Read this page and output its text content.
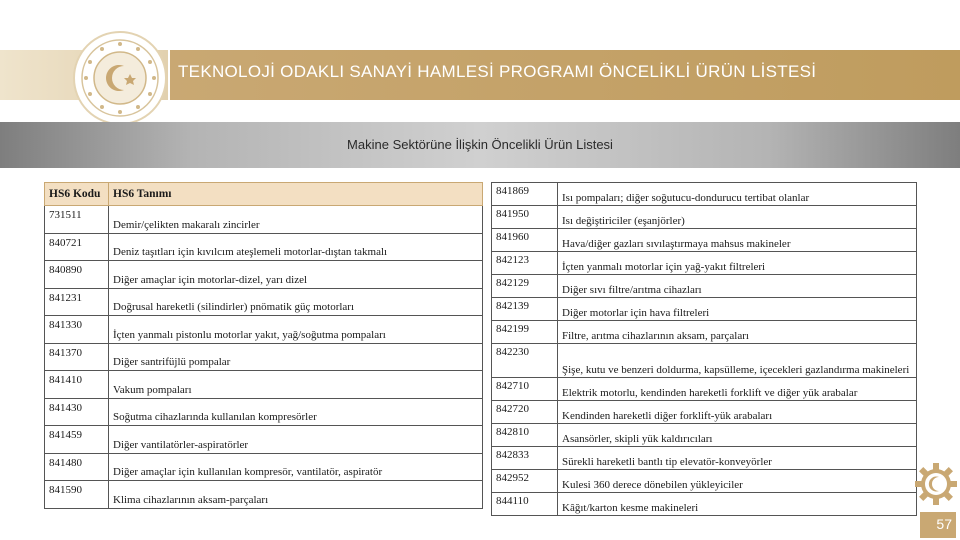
TEKNOLOJİ ODAKLI SANAYİ HAMLESİ PROGRAMI ÖNCELİKLİ ÜRÜN LİSTESİ
Makine Sektörüne İlişkin Öncelikli Ürün Listesi
HS6 Kodu	HS6 Tanımı
731511	Demir/çelikten makaralı zincirler
840721	Deniz taşıtları için kıvılcım ateşlemeli motorlar-dıştan takmalı
840890	Diğer amaçlar için motorlar-dizel, yarı dizel
841231	Doğrusal hareketli (silindirler) pnömatik güç motorları
841330	İçten yanmalı pistonlu motorlar yakıt, yağ/soğutma pompaları
841370	Diğer santrifüjlü pompalar
841410	Vakum pompaları
841430	Soğutma cihazlarında kullanılan kompresörler
841459	Diğer vantilatörler-aspiratörler
841480	Diğer amaçlar için kullanılan kompresör, vantilatör, aspiratör
841590	Klima cihazlarının aksam-parçaları
841869	Isı pompaları; diğer soğutucu-dondurucu tertibat olanlar
841950	Isı değiştiriciler (eşanjörler)
841960	Hava/diğer gazları sıvılaştırmaya mahsus makineler
842123	İçten yanmalı motorlar için yağ-yakıt filtreleri
842129	Diğer sıvı filtre/arıtma cihazları
842139	Diğer motorlar için hava filtreleri
842199	Filtre, arıtma cihazlarının aksam, parçaları
842230	Şişe, kutu ve benzeri doldurma, kapsülleme, içecekleri gazlandırma makineleri
842710	Elektrik motorlu, kendinden hareketli forklift ve diğer yük arabalar
842720	Kendinden hareketli diğer forklift-yük arabaları
842810	Asansörler, skipli yük kaldırıcıları
842833	Sürekli hareketli bantlı tip elevatör-konveyörler
842952	Kulesi 360 derece dönebilen yükleyiciler
844110	Kâğıt/karton kesme makineleri
57
